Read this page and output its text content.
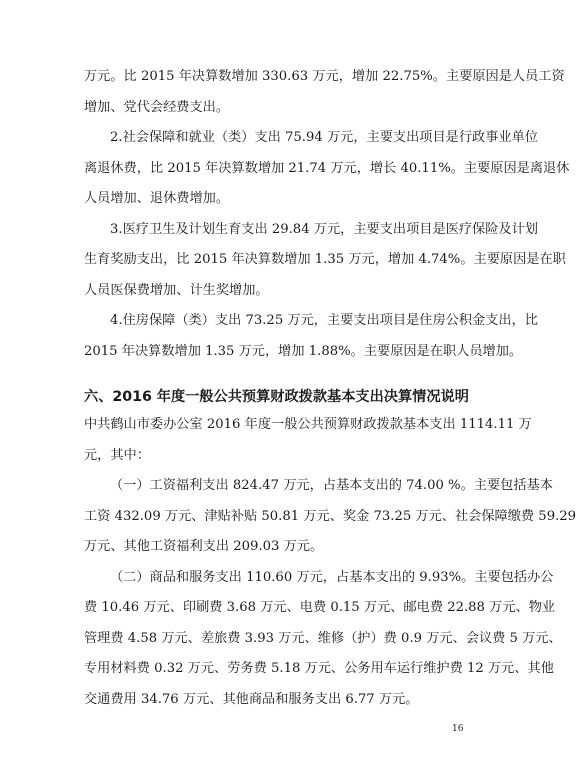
万元。比 2015 年决算数增加 330.63 万元，增加 22.75%。主要原因是人员工资
增加、党代会经费支出。
2.社会保障和就业（类）支出 75.94 万元，主要支出项目是行政事业单位
离退休费，比 2015 年决算数增加 21.74 万元，增长 40.11%。主要原因是离退休
人员增加、退休费增加。
3.医疗卫生及计划生育支出 29.84 万元，主要支出项目是医疗保险及计划
生育奖励支出，比 2015 年决算数增加 1.35 万元，增加 4.74%。主要原因是在职
人员医保费增加、计生奖增加。
4.住房保障（类）支出 73.25 万元，主要支出项目是住房公积金支出，比
2015 年决算数增加 1.35 万元，增加 1.88%。主要原因是在职人员增加。
六、2016 年度一般公共预算财政拨款基本支出决算情况说明
中共鹤山市委办公室 2016 年度一般公共预算财政拨款基本支出 1114.11 万
元，其中：
（一）工资福利支出 824.47 万元，占基本支出的 74.00 %。主要包括基本
工资 432.09 万元、津贴补贴 50.81 万元、奖金 73.25 万元、社会保障缴费 59.29
万元、其他工资福利支出 209.03 万元。
（二）商品和服务支出 110.60 万元，占基本支出的 9.93%。主要包括办公
费 10.46 万元、印刷费 3.68 万元、电费 0.15 万元、邮电费 22.88 万元、物业
管理费 4.58 万元、差旅费 3.93 万元、维修（护）费 0.9 万元、会议费 5 万元、
专用材料费 0.32 万元、劳务费 5.18 万元、公务用车运行维护费 12 万元、其他
交通费用 34.76 万元、其他商品和服务支出 6.77 万元。
16
